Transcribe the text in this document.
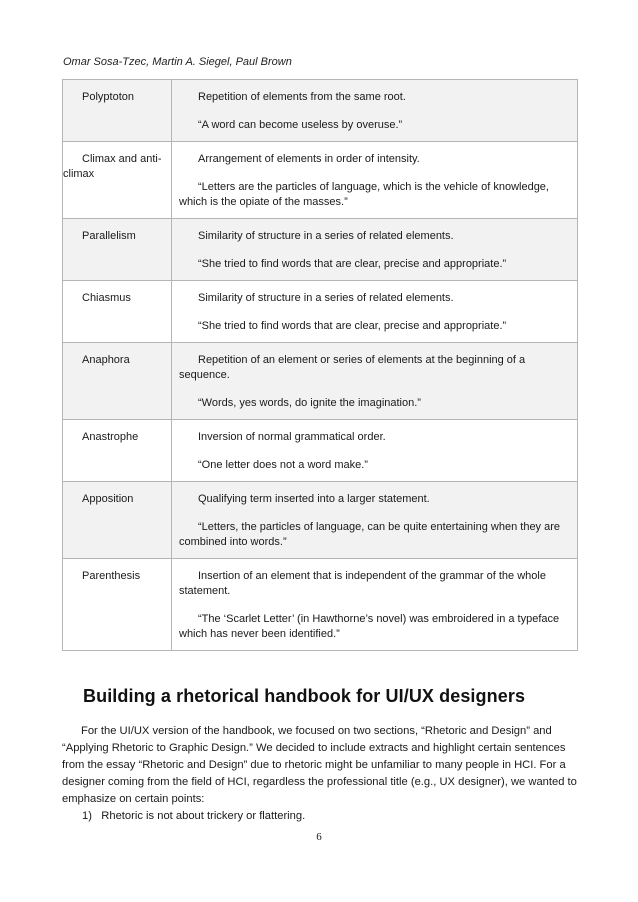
Omar Sosa-Tzec, Martin A. Siegel, Paul Brown
Polyptoton	Repetition of elements from the same root.

“A word can become useless by overuse.”

Climax and anti-climax	Arrangement of elements in order of intensity.

“Letters are the particles of language, which is the vehicle of knowledge, which is the opiate of the masses.”

Parallelism	Similarity of structure in a series of related elements.

“She tried to find words that are clear, precise and appropriate.”

Chiasmus	Similarity of structure in a series of related elements.

“She tried to find words that are clear, precise and appropriate.”

Anaphora	Repetition of an element or series of elements at the beginning of a sequence.

“Words, yes words, do ignite the imagination.”

Anastrophe	Inversion of normal grammatical order.

“One letter does not a word make.”

Apposition	Qualifying term inserted into a larger statement.

“Letters, the particles of language, can be quite entertaining when they are combined into words.”

Parenthesis	Insertion of an element that is independent of the grammar of the whole statement.

“The ‘Scarlet Letter’ (in Hawthorne’s novel) was embroidered in a typeface which has never been identified.”

Building a rhetorical handbook for UI/UX designers

For the UI/UX version of the handbook, we focused on two sections, “Rhetoric and Design” and “Applying Rhetoric to Graphic Design.” We decided to include extracts and highlight certain sentences from the essay “Rhetoric and Design” due to rhetoric might be unfamiliar to many people in HCI. For a designer coming from the field of HCI, regardless the professional title (e.g., UX designer), we wanted to emphasize on certain points:

1)   Rhetoric is not about trickery or flattering.
6
